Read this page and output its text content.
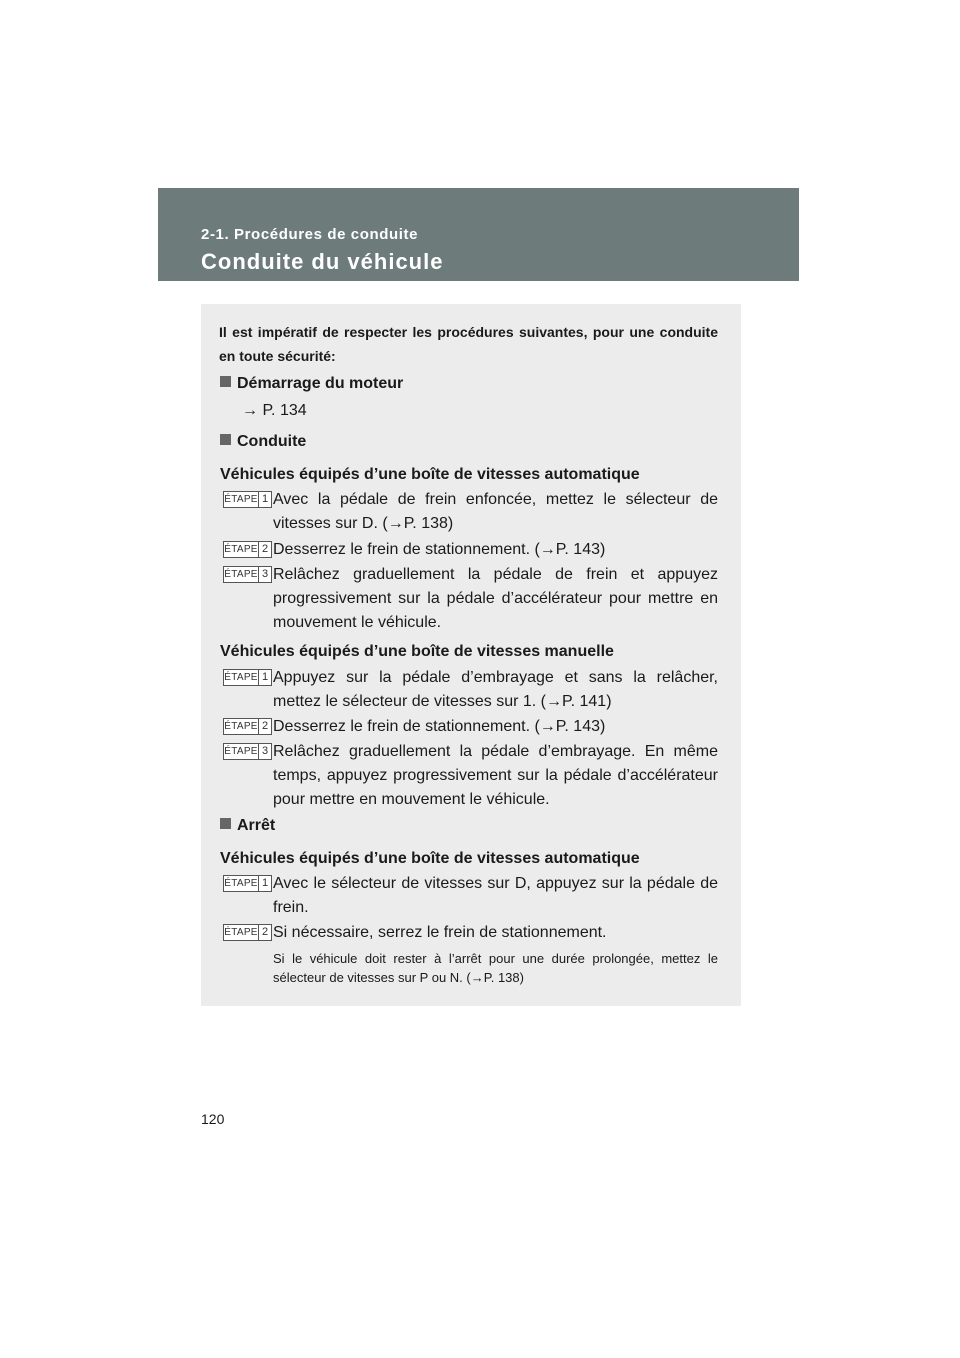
2-1. Procédures de conduite
Conduite du véhicule
Il est impératif de respecter les procédures suivantes, pour une conduite en toute sécurité:
Démarrage du moteur
→ P. 134
Conduite
Véhicules équipés d’une boîte de vitesses automatique
ÉTAPE 1 Avec la pédale de frein enfoncée, mettez le sélecteur de vitesses sur D. (→P. 138)
ÉTAPE 2 Desserrez le frein de stationnement. (→P. 143)
ÉTAPE 3 Relâchez graduellement la pédale de frein et appuyez progressivement sur la pédale d’accélérateur pour mettre en mouvement le véhicule.
Véhicules équipés d’une boîte de vitesses manuelle
ÉTAPE 1 Appuyez sur la pédale d’embrayage et sans la relâcher, mettez le sélecteur de vitesses sur 1. (→P. 141)
ÉTAPE 2 Desserrez le frein de stationnement. (→P. 143)
ÉTAPE 3 Relâchez graduellement la pédale d’embrayage. En même temps, appuyez progressivement sur la pédale d’accélérateur pour mettre en mouvement le véhicule.
Arrêt
Véhicules équipés d’une boîte de vitesses automatique
ÉTAPE 1 Avec le sélecteur de vitesses sur D, appuyez sur la pédale de frein.
ÉTAPE 2 Si nécessaire, serrez le frein de stationnement.
Si le véhicule doit rester à l’arrêt pour une durée prolongée, mettez le sélecteur de vitesses sur P ou N. (→P. 138)
120
